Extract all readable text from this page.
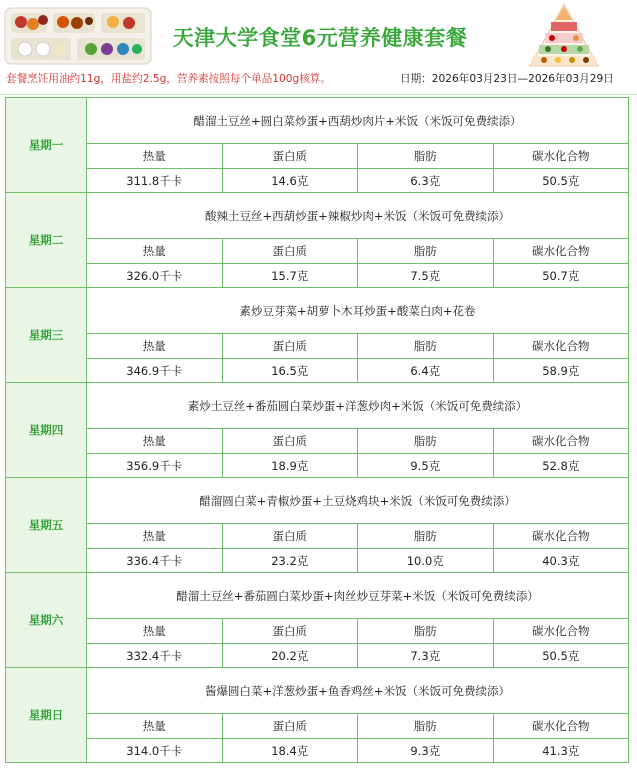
天津大学食堂6元营养健康套餐
套餐烹饪用油约11g，用盐约2.5g，营养素按照每个单品100g核算。	日期：2026年03月23日—2026年03月29日
星期一	醋溜土豆丝+圆白菜炒蛋+西葫炒肉片+米饭（米饭可免费续添）			
	热量	蛋白质	脂肪	碳水化合物
	311.8千卡	14.6克	6.3克	50.5克
星期二	酸辣土豆丝+西葫炒蛋+辣椒炒肉+米饭（米饭可免费续添）			
	热量	蛋白质	脂肪	碳水化合物
	326.0千卡	15.7克	7.5克	50.7克
星期三	素炒豆芽菜+胡萝卜木耳炒蛋+酸菜白肉+花卷			
	热量	蛋白质	脂肪	碳水化合物
	346.9千卡	16.5克	6.4克	58.9克
星期四	素炒土豆丝+番茄圆白菜炒蛋+洋葱炒肉+米饭（米饭可免费续添）			
	热量	蛋白质	脂肪	碳水化合物
	356.9千卡	18.9克	9.5克	52.8克
星期五	醋溜圆白菜+青椒炒蛋+土豆烧鸡块+米饭（米饭可免费续添）			
	热量	蛋白质	脂肪	碳水化合物
	336.4千卡	23.2克	10.0克	40.3克
星期六	醋溜土豆丝+番茄圆白菜炒蛋+肉丝炒豆芽菜+米饭（米饭可免费续添）			
	热量	蛋白质	脂肪	碳水化合物
	332.4千卡	20.2克	7.3克	50.5克
星期日	酱爆圆白菜+洋葱炒蛋+鱼香鸡丝+米饭（米饭可免费续添）			
	热量	蛋白质	脂肪	碳水化合物
	314.0千卡	18.4克	9.3克	41.3克
